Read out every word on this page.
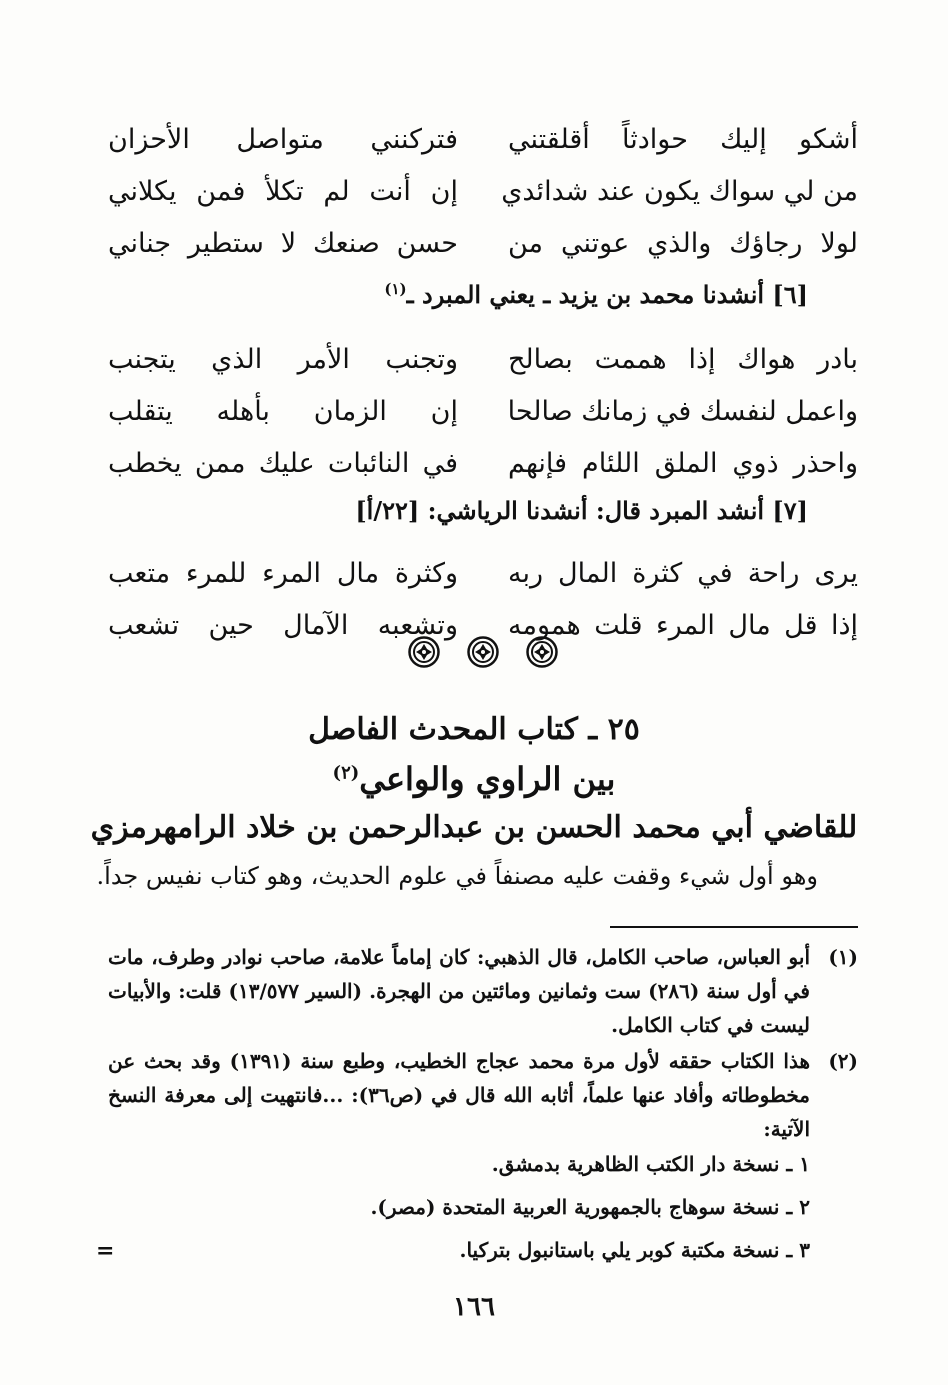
أشكو إليك حوادثاً أقلقتني
فتركنني متواصل الأحزان
من لي سواك يكون عند شدائدي
إن أنت لم تكلأ فمن يكلاني
لولا رجاؤك والذي عوتني من
حسن صنعك لا ستطير جناني
[٦] أنشدنا محمد بن يزيد ـ يعني المبرد ـ$^{(١)}$
بادر هواك إذا هممت بصالح
وتجنب الأمر الذي يتجنب
واعمل لنفسك في زمانك صالحا
إن الزمان بأهله يتقلب
واحذر ذوي الملق اللئام فإنهم
في النائبات عليك ممن يخطب
[٧] أنشد المبرد قال: أنشدنا الرياشي: [٢٢/أ]
يرى راحة في كثرة المال ربه
وكثرة مال المرء للمرء متعب
إذا قل مال المرء قلت همومه
وتشعبه الآمال حين تشعب
٢٥ ـ كتاب المحدث الفاصل
بين الراوي والواعي$^{(٢)}$
للقاضي أبي محمد الحسن بن عبدالرحمن بن خلاد الرامهرمزي
وهو أول شيء وقفت عليه مصنفاً في علوم الحديث، وهو كتاب نفيس جداً.
(١)
أبو العباس، صاحب الكامل، قال الذهبي: كان إماماً علامة، صاحب نوادر وطرف، مات في أول سنة (٢٨٦) ست وثمانين ومائتين من الهجرة. (السير ١٣/٥٧٧) قلت: والأبيات ليست في كتاب الكامل.
(٢)
هذا الكتاب حققه لأول مرة محمد عجاج الخطيب، وطبع سنة (١٣٩١) وقد بحث عن مخطوطاته وأفاد عنها علماً، أثابه الله قال في (ص٣٦): ...فانتهيت إلى معرفة النسخ الآتية:
١ ـ نسخة دار الكتب الظاهرية بدمشق.
٢ ـ نسخة سوهاج بالجمهورية العربية المتحدة (مصر).
٣ ـ نسخة مكتبة كوبر يلي باستانبول بتركيا.
=
١٦٦
